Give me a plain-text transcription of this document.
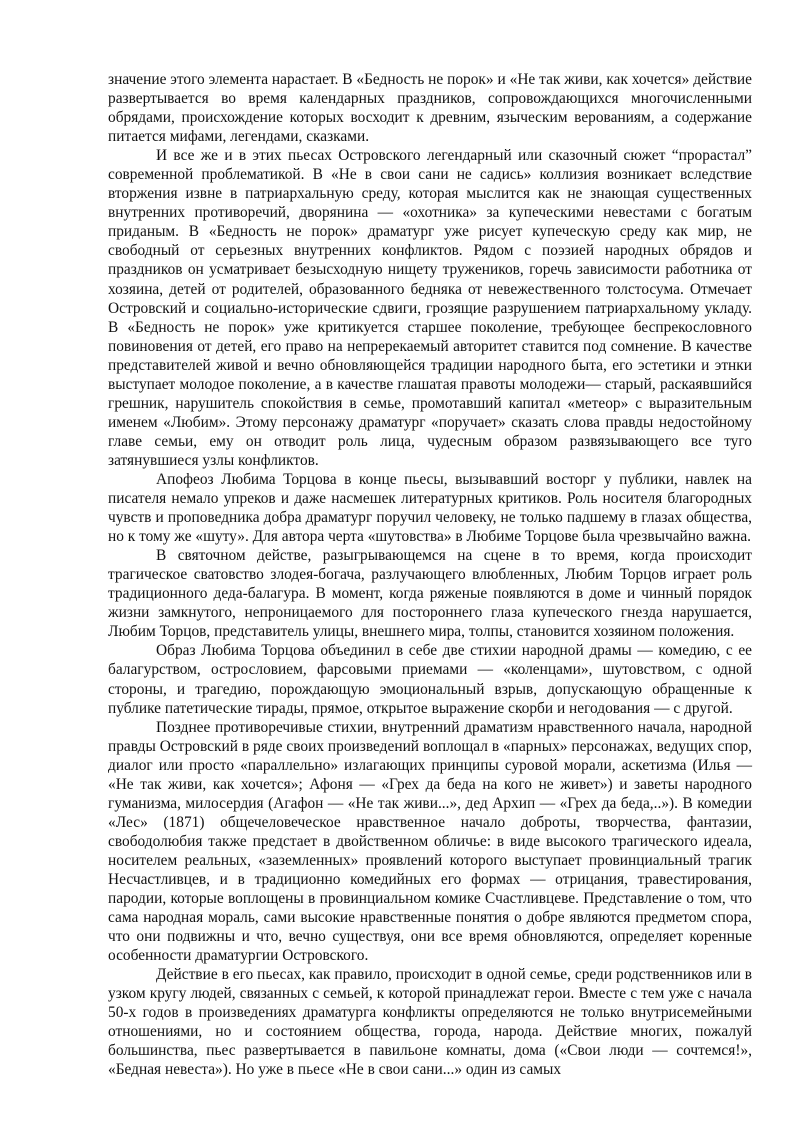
значение этого элемента нарастает. В «Бедность не порок» и «Не так живи, как хочется» действие развертывается во время календарных праздников, сопровождающихся многочисленными обрядами, происхождение которых восходит к древним, языческим верованиям, а содержание питается мифами, легендами, сказками.

И все же и в этих пьесах Островского легендарный или сказочный сюжет “прорастал” современной проблематикой. В «Не в свои сани не садись» коллизия возникает вследствие вторжения извне в патриархальную среду, которая мыслится как не знающая существенных внутренних противоречий, дворянина — «охотника» за купеческими невестами с богатым приданым. В «Бедность не порок» драматург уже рисует купеческую среду как мир, не свободный от серьезных внутренних конфликтов. Рядом с поэзией народных обрядов и праздников он усматривает безысходную нищету тружеников, горечь зависимости работника от хозяина, детей от родителей, образованного бедняка от невежественного толстосума. Отмечает Островский и социально-исторические сдвиги, грозящие разрушением патриархальному укладу. В «Бедность не порок» уже критикуется старшее поколение, требующее беспрекословного повиновения от детей, его право на непререкаемый авторитет ставится под сомнение. В качестве представителей живой и вечно обновляющейся традиции народного быта, его эстетики и этнки выступает молодое поколение, а в качестве глашатая правоты молодежи— старый, раскаявшийся грешник, нарушитель спокойствия в семье, промотавший капитал «метеор» с выразительным именем «Любим». Этому персонажу драматург «поручает» сказать слова правды недостойному главе семьи, ему он отводит роль лица, чудесным образом развязывающего все туго затянувшиеся узлы конфликтов.

Апофеоз Любима Торцова в конце пьесы, вызывавший восторг у публики, навлек на писателя немало упреков и даже насмешек литературных критиков. Роль носителя благородных чувств и проповедника добра драматург поручил человеку, не только падшему в глазах общества, но к тому же «шуту». Для автора черта «шутовства» в Любиме Торцове была чрезвычайно важна.

В святочном действе, разыгрывающемся на сцене в то время, когда происходит трагическое сватовство злодея-богача, разлучающего влюбленных, Любим Торцов играет роль традиционного деда-балагура. В момент, когда ряженые появляются в доме и чинный порядок жизни замкнутого, непроницаемого для постороннего глаза купеческого гнезда нарушается, Любим Торцов, представитель улицы, внешнего мира, толпы, становится хозяином положения.

Образ Любима Торцова объединил в себе две стихии народной драмы — комедию, с ее балагурством, острословием, фарсовыми приемами — «коленцами», шутовством, с одной стороны, и трагедию, порождающую эмоциональный взрыв, допускающую обращенные к публике патетические тирады, прямое, открытое выражение скорби и негодования — с другой.

Позднее противоречивые стихии, внутренний драматизм нравственного начала, народной правды Островский в ряде своих произведений воплощал в «парных» персонажах, ведущих спор, диалог или просто «параллельно» излагающих принципы суровой морали, аскетизма (Илья — «Не так живи, как хочется»; Афоня — «Грех да беда на кого не живет») и заветы народного гуманизма, милосердия (Агафон — «Не так живи...», дед Архип — «Грех да беда,..»). В комедии «Лес» (1871) общечеловеческое нравственное начало доброты, творчества, фантазии, свободолюбия также предстает в двойственном обличье: в виде высокого трагического идеала, носителем реальных, «заземленных» проявлений которого выступает провинциальный трагик Несчастливцев, и в традиционно комедийных его формах — отрицания, травестирования, пародии, которые воплощены в провинциальном комике Счастливцеве. Представление о том, что сама народная мораль, сами высокие нравственные понятия о добре являются предметом спора, что они подвижны и что, вечно существуя, они все время обновляются, определяет коренные особенности драматургии Островского.

Действие в его пьесах, как правило, происходит в одной семье, среди родственников или в узком кругу людей, связанных с семьей, к которой принадлежат герои. Вместе с тем уже с начала 50-х годов в произведениях драматурга конфликты определяются не только внутрисемейными отношениями, но и состоянием общества, города, народа. Действие многих, пожалуй большинства, пьес развертывается в павильоне комнаты, дома («Свои люди — сочтемся!», «Бедная невеста»). Но уже в пьесе «Не в свои сани...» один из самых
